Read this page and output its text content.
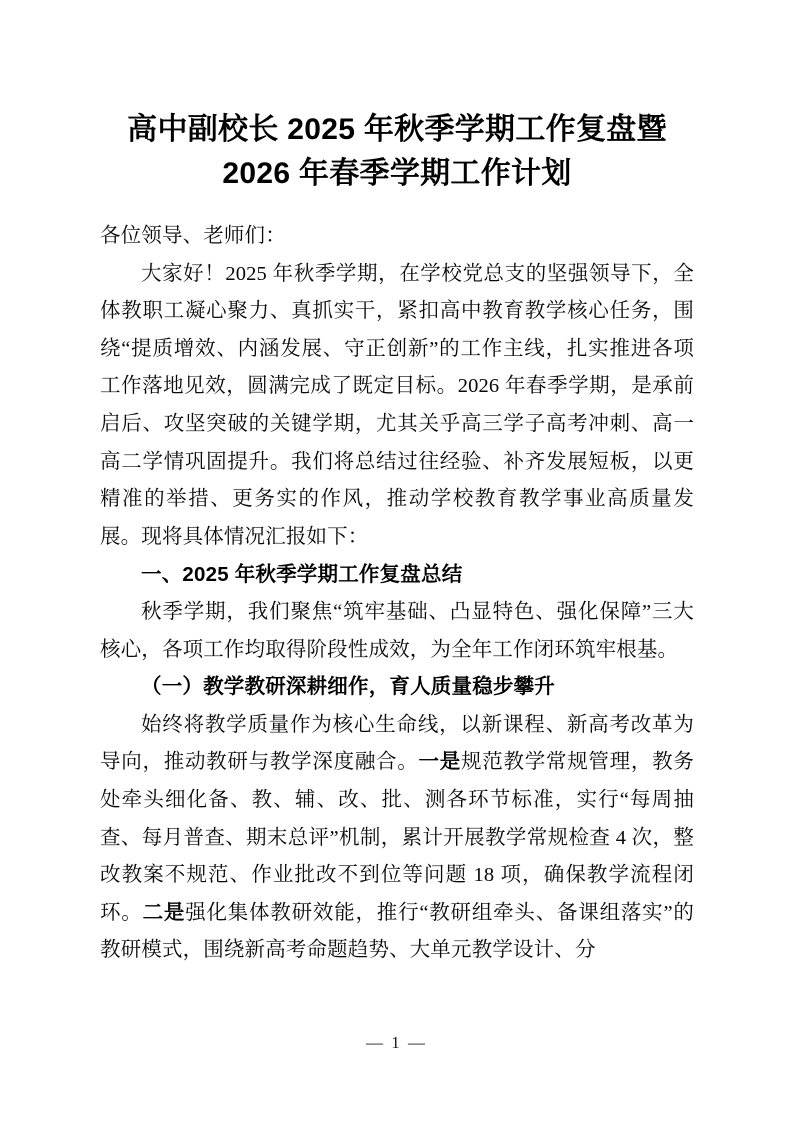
高中副校长 2025 年秋季学期工作复盘暨
2026 年春季学期工作计划

各位领导、老师们：

大家好！2025 年秋季学期，在学校党总支的坚强领导下，全体教职工凝心聚力、真抓实干，紧扣高中教育教学核心任务，围绕“提质增效、内涵发展、守正创新”的工作主线，扎实推进各项工作落地见效，圆满完成了既定目标。2026 年春季学期，是承前启后、攻坚突破的关键学期，尤其关乎高三学子高考冲刺、高一高二学情巩固提升。我们将总结过往经验、补齐发展短板，以更精准的举措、更务实的作风，推动学校教育教学事业高质量发展。现将具体情况汇报如下：

一、2025 年秋季学期工作复盘总结

秋季学期，我们聚焦“筑牢基础、凸显特色、强化保障”三大核心，各项工作均取得阶段性成效，为全年工作闭环筑牢根基。

（一）教学教研深耕细作，育人质量稳步攀升

始终将教学质量作为核心生命线，以新课程、新高考改革为导向，推动教研与教学深度融合。一是规范教学常规管理，教务处牵头细化备、教、辅、改、批、测各环节标准，实行“每周抽查、每月普查、期末总评”机制，累计开展教学常规检查 4 次，整改教案不规范、作业批改不到位等问题 18 项，确保教学流程闭环。二是强化集体教研效能，推行“教研组牵头、备课组落实”的教研模式，围绕新高考命题趋势、大单元教学设计、分

— 1 —
